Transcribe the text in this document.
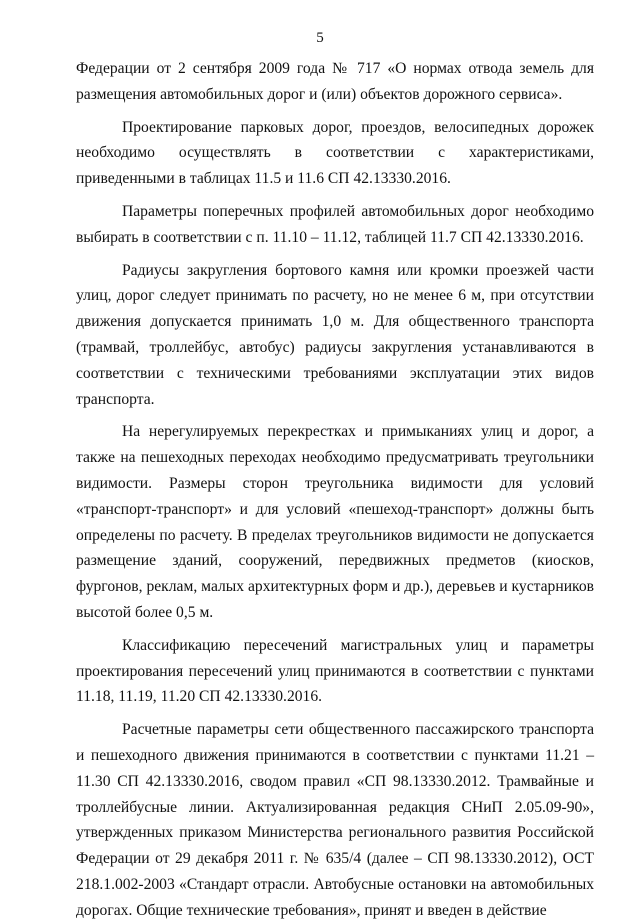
5

Федерации от 2 сентября 2009 года № 717 «О нормах отвода земель для размещения автомобильных дорог и (или) объектов дорожного сервиса».

Проектирование парковых дорог, проездов, велосипедных дорожек необходимо осуществлять в соответствии с характеристиками, приведенными в таблицах 11.5 и 11.6 СП 42.13330.2016.

Параметры поперечных профилей автомобильных дорог необходимо выбирать в соответствии с п. 11.10 – 11.12, таблицей 11.7 СП 42.13330.2016.

Радиусы закругления бортового камня или кромки проезжей части улиц, дорог следует принимать по расчету, но не менее 6 м, при отсутствии движения допускается принимать 1,0 м. Для общественного транспорта (трамвай, троллейбус, автобус) радиусы закругления устанавливаются в соответствии с техническими требованиями эксплуатации этих видов транспорта.

На нерегулируемых перекрестках и примыканиях улиц и дорог, а также на пешеходных переходах необходимо предусматривать треугольники видимости. Размеры сторон треугольника видимости для условий «транспорт-транспорт» и для условий «пешеход-транспорт» должны быть определены по расчету. В пределах треугольников видимости не допускается размещение зданий, сооружений, передвижных предметов (киосков, фургонов, реклам, малых архитектурных форм и др.), деревьев и кустарников высотой более 0,5 м.

Классификацию пересечений магистральных улиц и параметры проектирования пересечений улиц принимаются в соответствии с пунктами 11.18, 11.19, 11.20 СП 42.13330.2016.

Расчетные параметры сети общественного пассажирского транспорта и пешеходного движения принимаются в соответствии с пунктами 11.21 – 11.30 СП 42.13330.2016, сводом правил «СП 98.13330.2012. Трамвайные и троллейбусные линии. Актуализированная редакция СНиП 2.05.09-90», утвержденных приказом Министерства регионального развития Российской Федерации от 29 декабря 2011 г. № 635/4 (далее – СП 98.13330.2012), ОСТ 218.1.002-2003 «Стандарт отрасли. Автобусные остановки на автомобильных дорогах. Общие технические требования», принят и введен в действие
